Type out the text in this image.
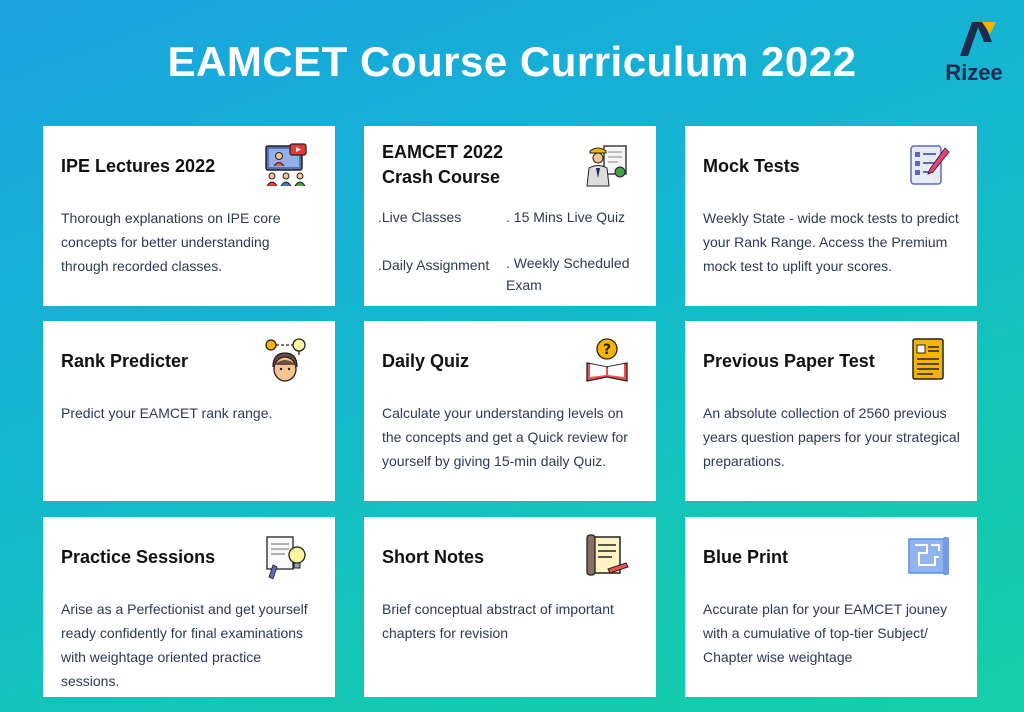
EAMCET Course Curriculum 2022	Rizee
IPE Lectures 2022
Thorough explanations on IPE core concepts for better understanding through recorded classes.
EAMCET 2022
Crash Course
.Live Classes	. 15 Mins Live Quiz
.Daily Assignment . Weekly Scheduled Exam
Mock Tests
Weekly State - wide mock tests to predict your Rank Range. Access the Premium mock test to uplift your scores.
Rank Predicter
Predict your EAMCET rank range.
Daily Quiz
?
Calculate your understanding levels on the concepts and get a Quick review for yourself by giving 15-min daily Quiz.
Previous Paper Test
An absolute collection of 2560 previous years question papers for your strategical preparations.
Practice Sessions
Arise as a Perfectionist and get yourself ready confidently for final examinations with weightage oriented practice sessions.
Short Notes
Brief conceptual abstract of important chapters for revision
Blue Print
Accurate plan for your EAMCET jouney with a cumulative of top-tier Subject/ Chapter wise weightage
